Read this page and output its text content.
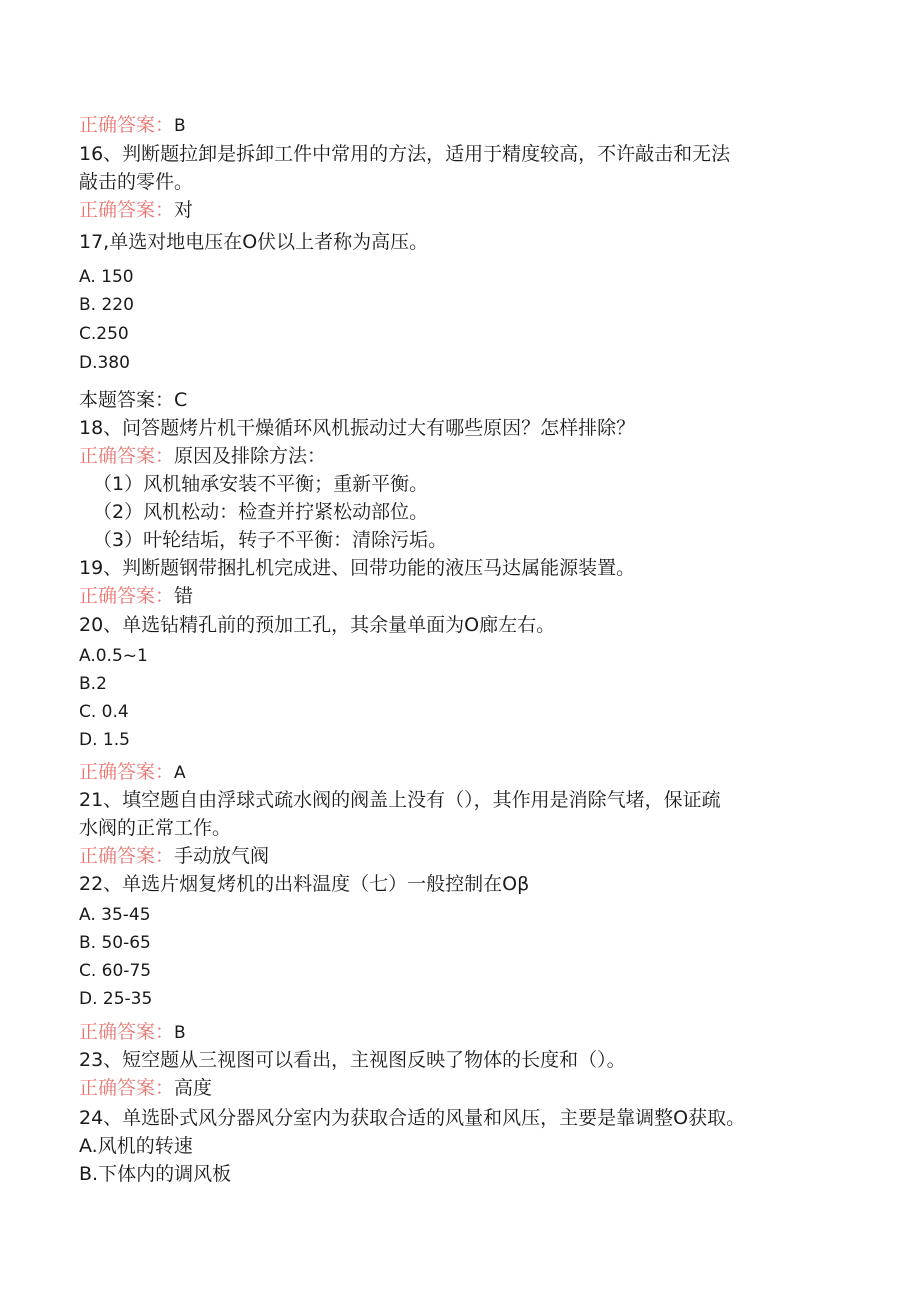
正确答案：B
16、判断题拉卸是拆卸工件中常用的方法，适用于精度较高，不许敲击和无法
敲击的零件。
正确答案：对
17,单选对地电压在O伏以上者称为高压。
A. 150
B. 220
C.250
D.380
本题答案：C
18、问答题烤片机干燥循环风机振动过大有哪些原因？怎样排除？
正确答案：原因及排除方法：
（1）风机轴承安装不平衡；重新平衡。
（2）风机松动：检查并拧紧松动部位。
（3）叶轮结垢，转子不平衡：清除污垢。
19、判断题钢带捆扎机完成进、回带功能的液压马达属能源装置。
正确答案：错
20、单选钻精孔前的预加工孔，其余量单面为O廊左右。
A.0.5~1
B.2
C. 0.4
D. 1.5
正确答案：A
21、填空题自由浮球式疏水阀的阀盖上没有（），其作用是消除气堵，保证疏
水阀的正常工作。
正确答案：手动放气阀
22、单选片烟复烤机的出料温度（七）一般控制在Oβ
A. 35-45
B. 50-65
C. 60-75
D. 25-35
正确答案：B
23、短空题从三视图可以看出，主视图反映了物体的长度和（）。
正确答案：高度
24、单选卧式风分器风分室内为获取合适的风量和风压，主要是靠调整O获取。
A.风机的转速
B.下体内的调风板
